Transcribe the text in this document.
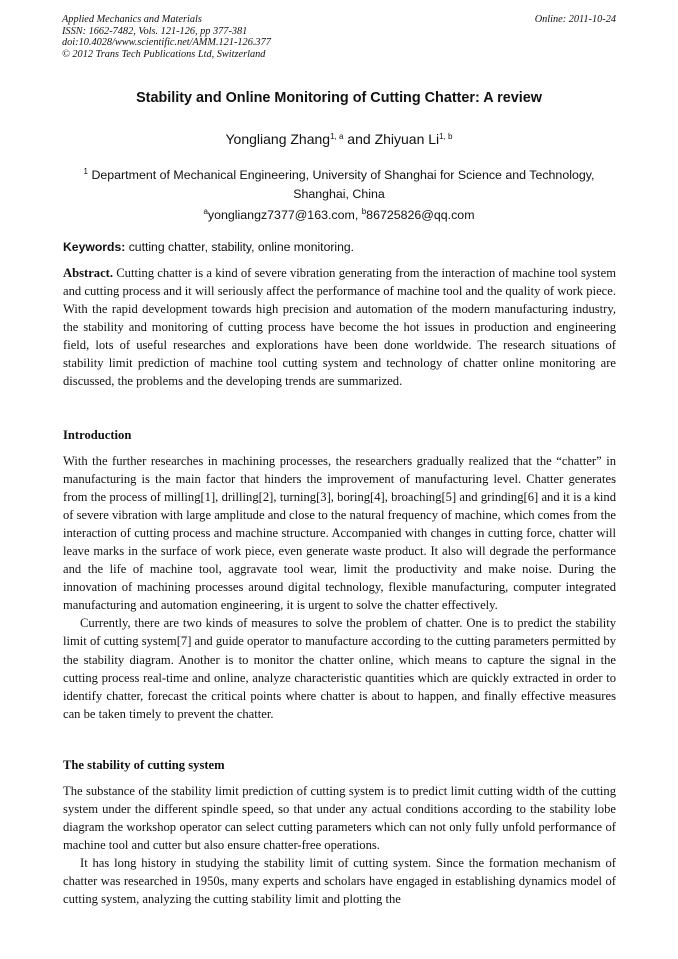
Applied Mechanics and Materials
ISSN: 1662-7482, Vols. 121-126, pp 377-381
doi:10.4028/www.scientific.net/AMM.121-126.377
© 2012 Trans Tech Publications Ltd, Switzerland
Online: 2011-10-24
Stability and Online Monitoring of Cutting Chatter: A review
Yongliang Zhang$^{1, a}$ and Zhiyuan Li$^{1, b}$
$^1$ Department of Mechanical Engineering, University of Shanghai for Science and Technology, Shanghai, China
$^a$yongliangz7377@163.com, $^b$86725826@qq.com
Keywords: cutting chatter, stability, online monitoring.

Abstract. Cutting chatter is a kind of severe vibration generating from the interaction of machine tool system and cutting process and it will seriously affect the performance of machine tool and the quality of work piece. With the rapid development towards high precision and automation of the modern manufacturing industry, the stability and monitoring of cutting process have become the hot issues in production and engineering field, lots of useful researches and explorations have been done worldwide. The research situations of stability limit prediction of machine tool cutting system and technology of chatter online monitoring are discussed, the problems and the developing trends are summarized.

Introduction

With the further researches in machining processes, the researchers gradually realized that the “chatter” in manufacturing is the main factor that hinders the improvement of manufacturing level. Chatter generates from the process of milling[1], drilling[2], turning[3], boring[4], broaching[5] and grinding[6] and it is a kind of severe vibration with large amplitude and close to the natural frequency of machine, which comes from the interaction of cutting process and machine structure. Accompanied with changes in cutting force, chatter will leave marks in the surface of work piece, even generate waste product. It also will degrade the performance and the life of machine tool, aggravate tool wear, limit the productivity and make noise. During the innovation of machining processes around digital technology, flexible manufacturing, computer integrated manufacturing and automation engineering, it is urgent to solve the chatter effectively.

Currently, there are two kinds of measures to solve the problem of chatter. One is to predict the stability limit of cutting system[7] and guide operator to manufacture according to the cutting parameters permitted by the stability diagram. Another is to monitor the chatter online, which means to capture the signal in the cutting process real-time and online, analyze characteristic quantities which are quickly extracted in order to identify chatter, forecast the critical points where chatter is about to happen, and finally effective measures can be taken timely to prevent the chatter.

The stability of cutting system

The substance of the stability limit prediction of cutting system is to predict limit cutting width of the cutting system under the different spindle speed, so that under any actual conditions according to the stability lobe diagram the workshop operator can select cutting parameters which can not only fully unfold performance of machine tool and cutter but also ensure chatter-free operations.

It has long history in studying the stability limit of cutting system. Since the formation mechanism of chatter was researched in 1950s, many experts and scholars have engaged in establishing dynamics model of cutting system, analyzing the cutting stability limit and plotting the
